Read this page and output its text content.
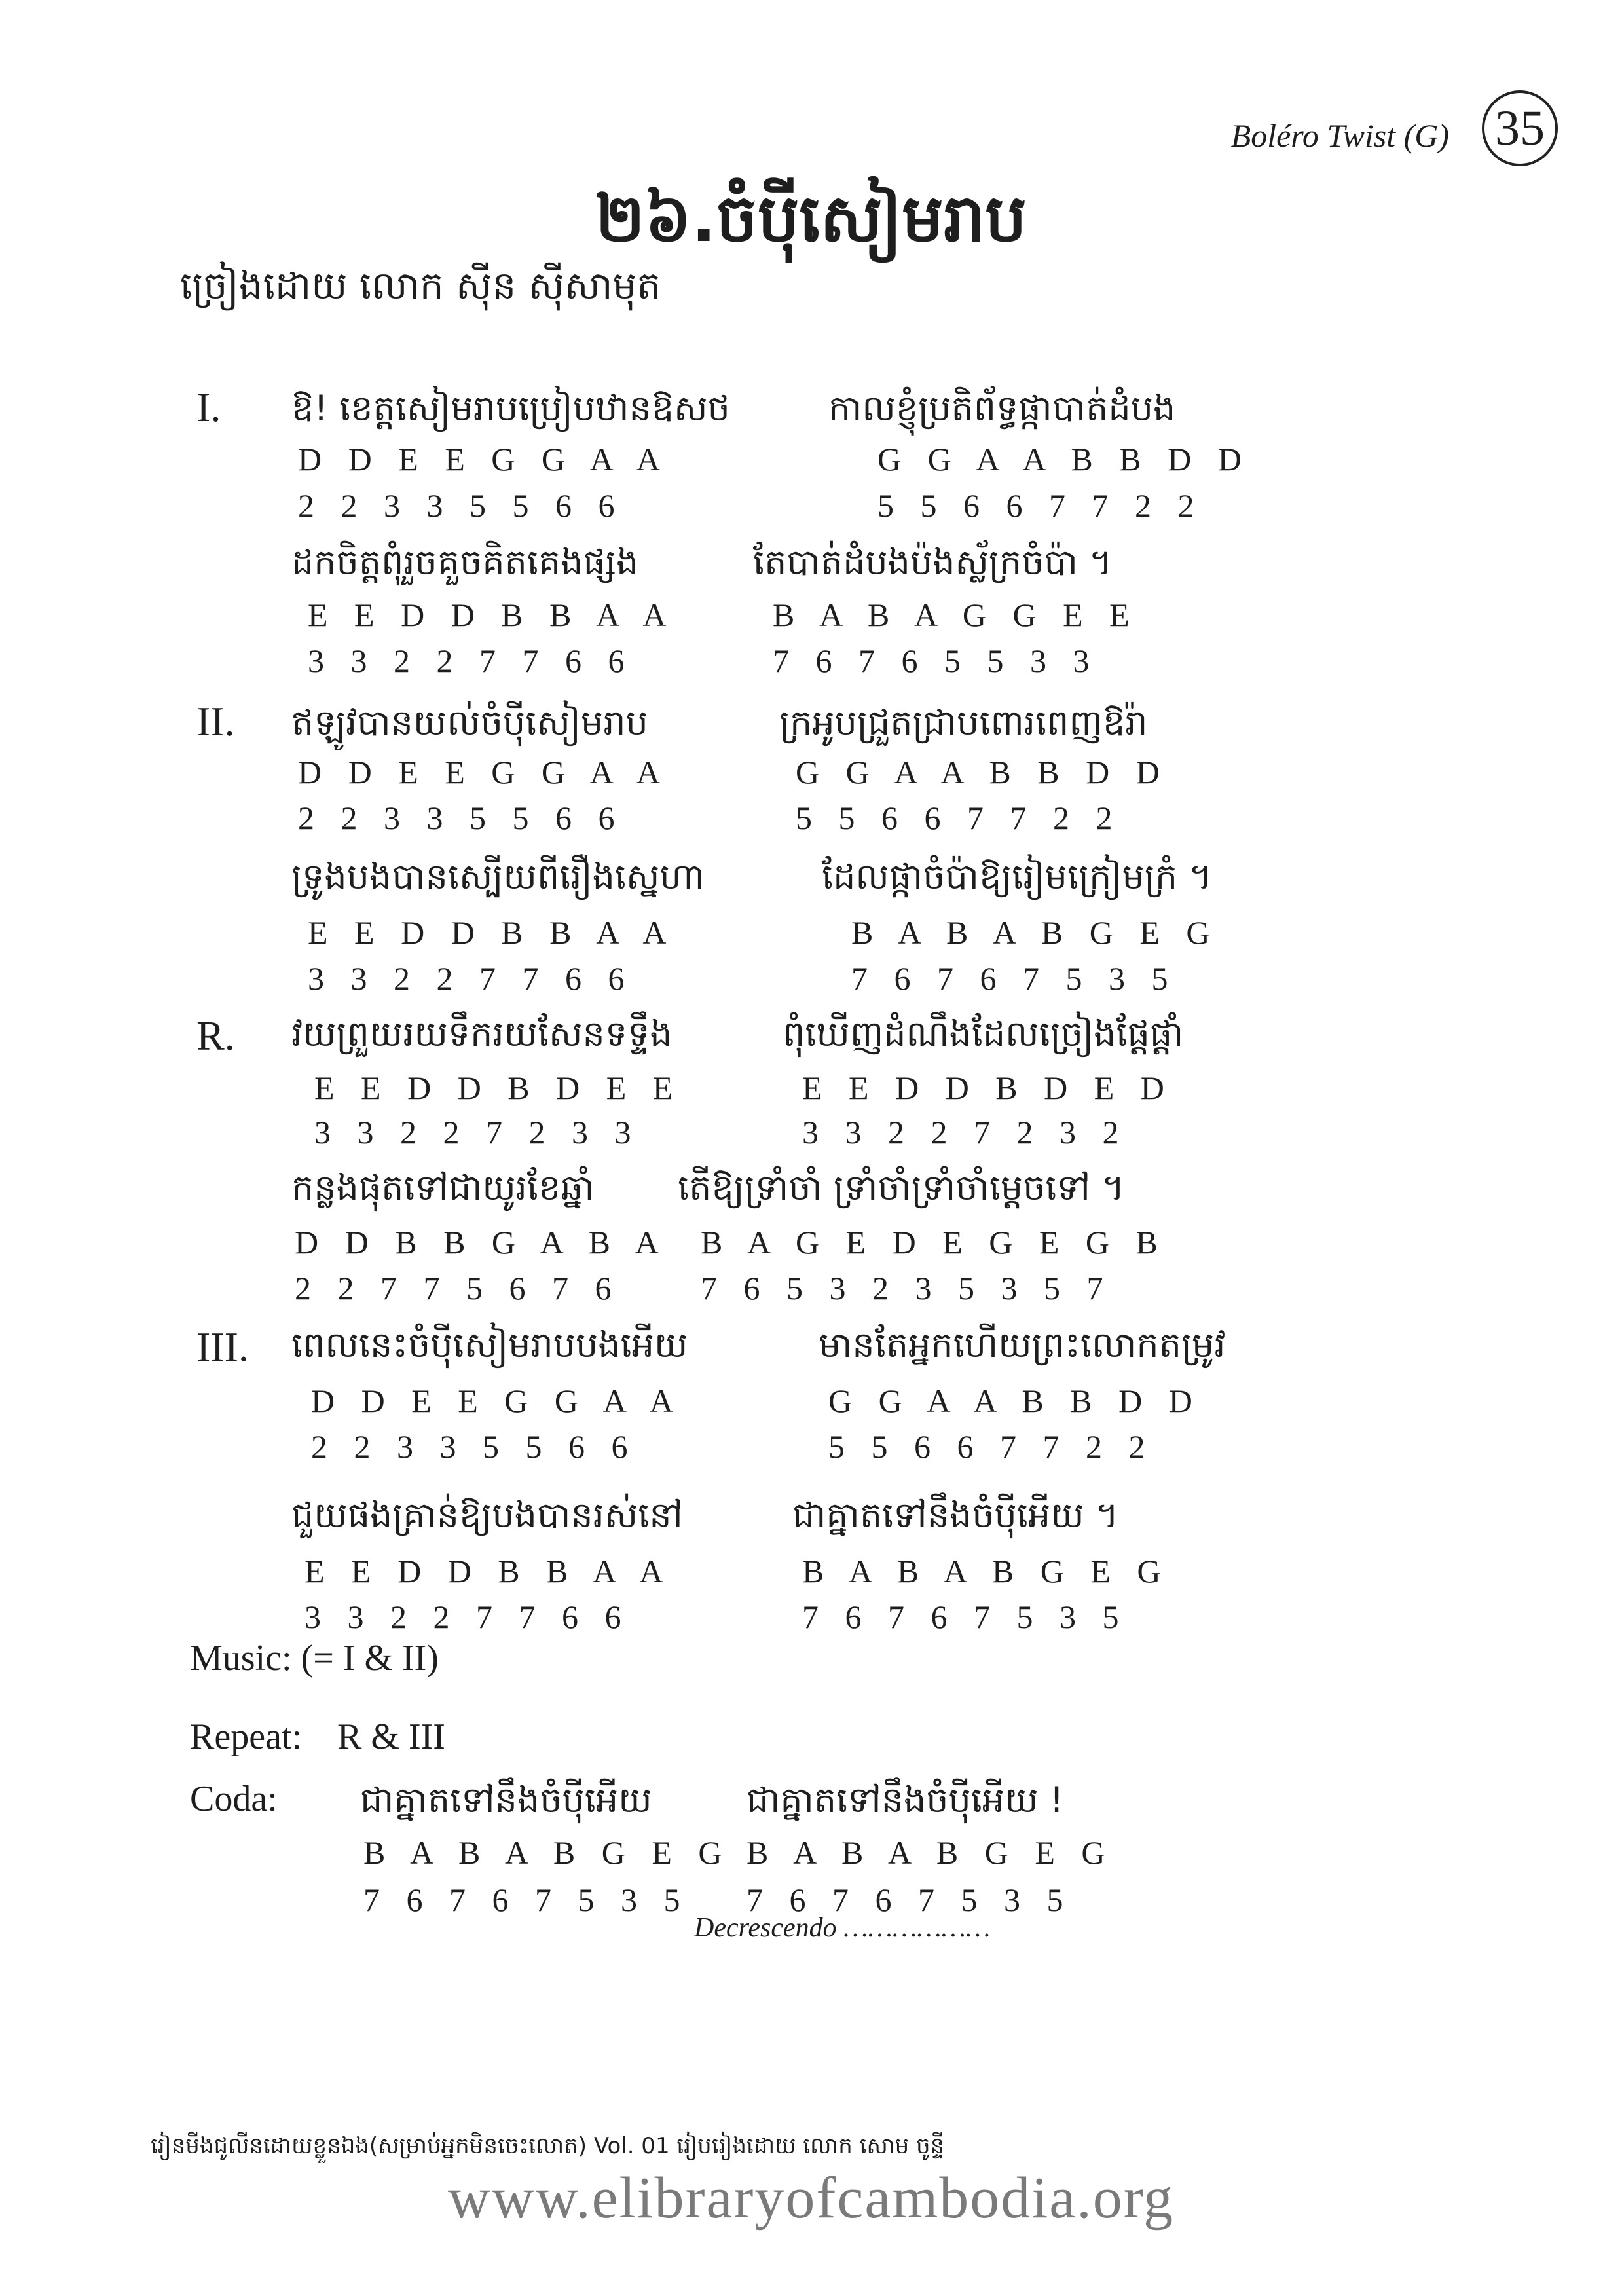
Boléro Twist (G) 35
២៦.ចំប៉ីសៀមរាប
ច្រៀងដោយ លោក ស៊ីន ស៊ីសាមុត
I. ឱ! ខេត្តសៀមរាបប្រៀបឋានឱសថ
D D E E G G A A
2 2 3 3 5 5 6 6
កាលខ្ញុំប្រតិព័ទ្ធផ្កាបាត់ដំបង
G G A A B B D D
5 5 6 6 7 7 2 2
ដកចិត្តពុំរួចគួចគិតគេងផ្សង
E E D D B B A A
3 3 2 2 7 7 6 6
តែបាត់ដំបងប៉ងស្ល័ក្រចំប៉ា ។
B A B A G G E E
7 6 7 6 5 5 3 3
II. ឥឡូវបានយល់ចំប៉ីសៀមរាប
D D E E G G A A
2 2 3 3 5 5 6 6
ក្រអូបជ្រួតជ្រាបពោរពេញឱរ៉ា
G G A A B B D D
5 5 6 6 7 7 2 2
ទ្រូងបងបានស្បើយពីរឿងស្នេហា
E E D D B B A A
3 3 2 2 7 7 6 6
ដែលផ្កាចំប៉ាឱ្យរៀមក្រៀមក្រំ ។
B A B A B G E G
7 6 7 6 7 5 3 5
R. វយព្រួយរយទឹករយសែនទទ្ទឹង
E E D D B D E E
3 3 2 2 7 2 3 3
ពុំឃើញដំណឹងដែលច្រៀងផ្តែផ្តាំ
E E D D B D E D
3 3 2 2 7 2 3 2
កន្លងផុតទៅជាយូរខែឆ្នាំ
D D B B G A B A
2 2 7 7 5 6 7 6
តើឱ្យទ្រាំចាំ ទ្រាំចាំទ្រាំចាំម្តេចទៅ ។
B A G E D E G E G B
7 6 5 3 2 3 5 3 5 7
III. ពេលនេះចំប៉ីសៀមរាបបងអើយ
D D E E G G A A
2 2 3 3 5 5 6 6
មានតែអ្នកហើយព្រះលោកតម្រូវ
G G A A B B D D
5 5 6 6 7 7 2 2
ជួយផងគ្រាន់ឱ្យបងបានរស់នៅ
E E D D B B A A
3 3 2 2 7 7 6 6
ជាគ្នាតទៅនឹងចំប៉ីអើយ ។
B A B A B G E G
7 6 7 6 7 5 3 5
Music: (= I & II)
Repeat: R & III
Coda: ជាគ្នាតទៅនឹងចំប៉ីអើយ	ជាគ្នាតទៅនឹងចំប៉ីអើយ !
B A B A B G E G
7 6 7 6 7 5 3 5
B A B A B G E G
7 6 7 6 7 5 3 5
Decrescendo ………………
រៀនមីងជូលីនដោយខ្លួនឯង(សម្រាប់អ្នកមិនចេះលោត) Vol. 01 រៀបរៀងដោយ លោក សោម ចូន្ទី
www.elibraryofcambodia.org
